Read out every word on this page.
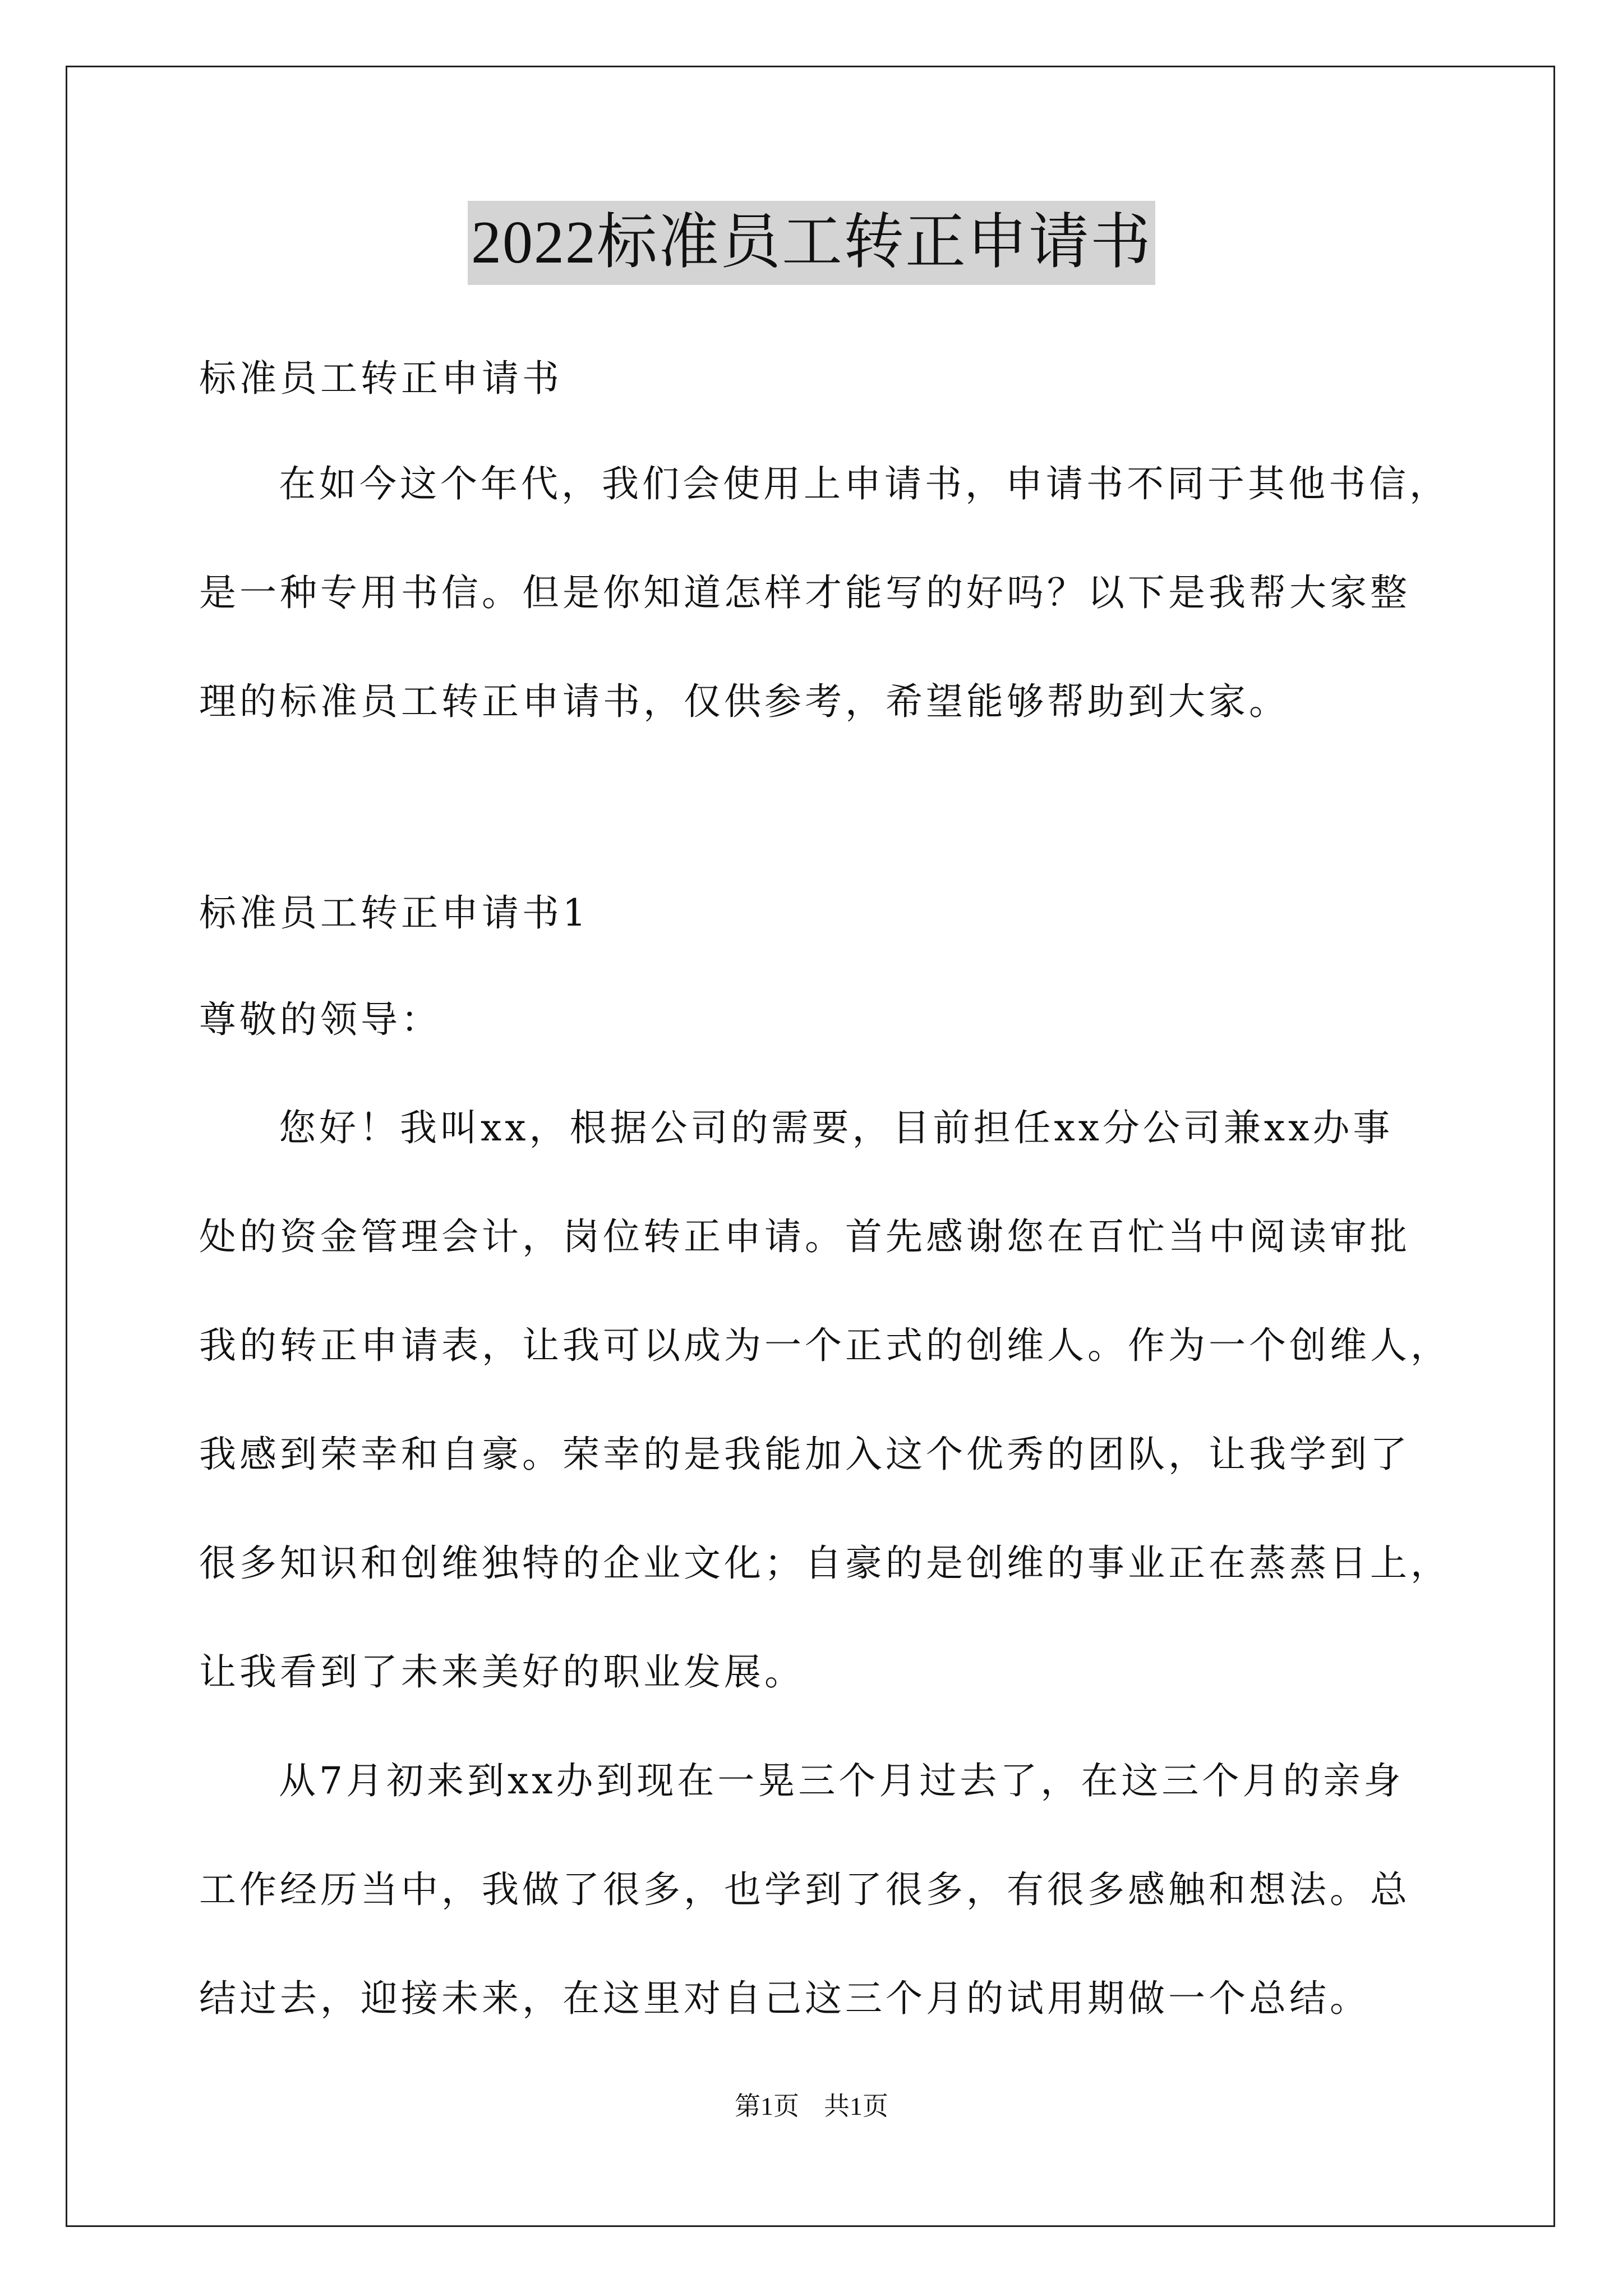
2022标准员工转正申请书
标准员工转正申请书
在如今这个年代，我们会使用上申请书，申请书不同于其他书信，
是一种专用书信。但是你知道怎样才能写的好吗？以下是我帮大家整
理的标准员工转正申请书，仅供参考，希望能够帮助到大家。
标准员工转正申请书1
尊敬的领导：
您好！我叫xx，根据公司的需要，目前担任xx分公司兼xx办事
处的资金管理会计，岗位转正申请。首先感谢您在百忙当中阅读审批
我的转正申请表，让我可以成为一个正式的创维人。作为一个创维人，
我感到荣幸和自豪。荣幸的是我能加入这个优秀的团队，让我学到了
很多知识和创维独特的企业文化；自豪的是创维的事业正在蒸蒸日上，
让我看到了未来美好的职业发展。
从7月初来到xx办到现在一晃三个月过去了，在这三个月的亲身
工作经历当中，我做了很多，也学到了很多，有很多感触和想法。总
结过去，迎接未来，在这里对自己这三个月的试用期做一个总结。
第1页 共1页
